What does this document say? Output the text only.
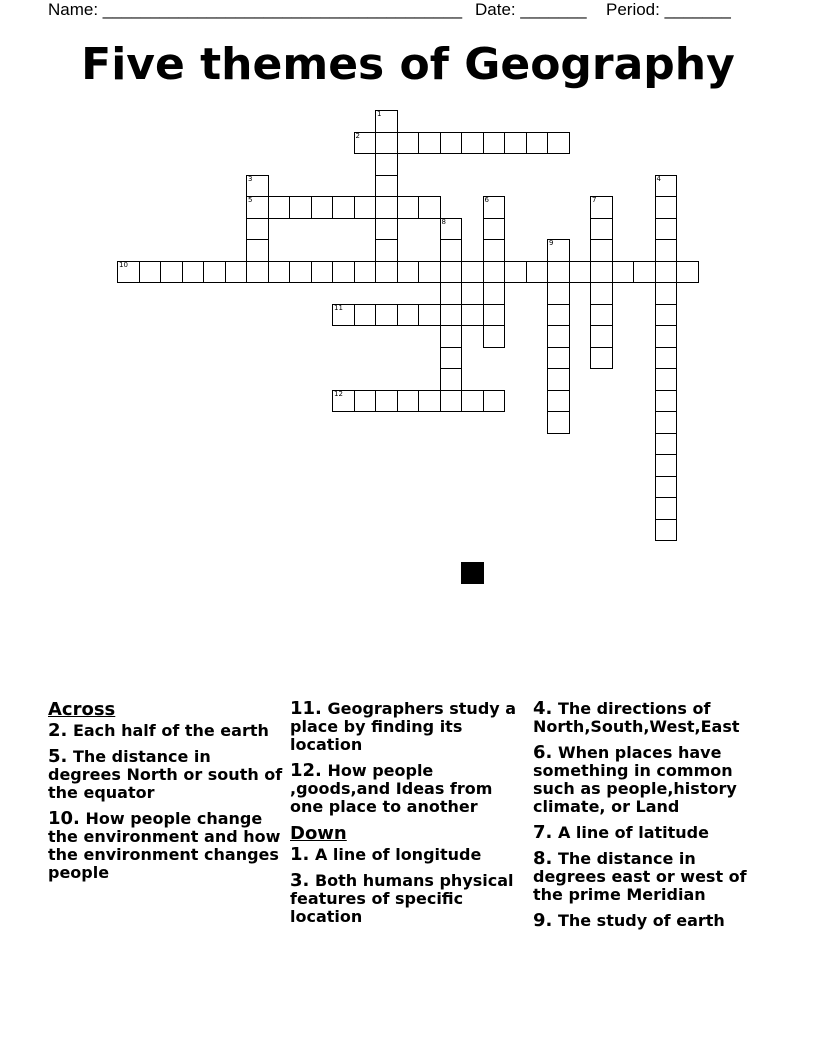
Name: ______________________________________ Date: _______ Period: _______
Five themes of Geography
1
2
3	4
5	6	7
8
9
10
11
12
Across
2. Each half of the earth
5. The distance in degrees North or south of the equator
10. How people change the environment and how the environment changes people
11. Geographers study a place by finding its location
12. How people ,goods,and Ideas from one place to another
Down
1. A line of longitude
3. Both humans physical features of specific location
4. The directions of North,South,West,East
6. When places have something in common such as people,history climate, or Land
7. A line of latitude
8. The distance in degrees east or west of the prime Meridian
9. The study of earth
